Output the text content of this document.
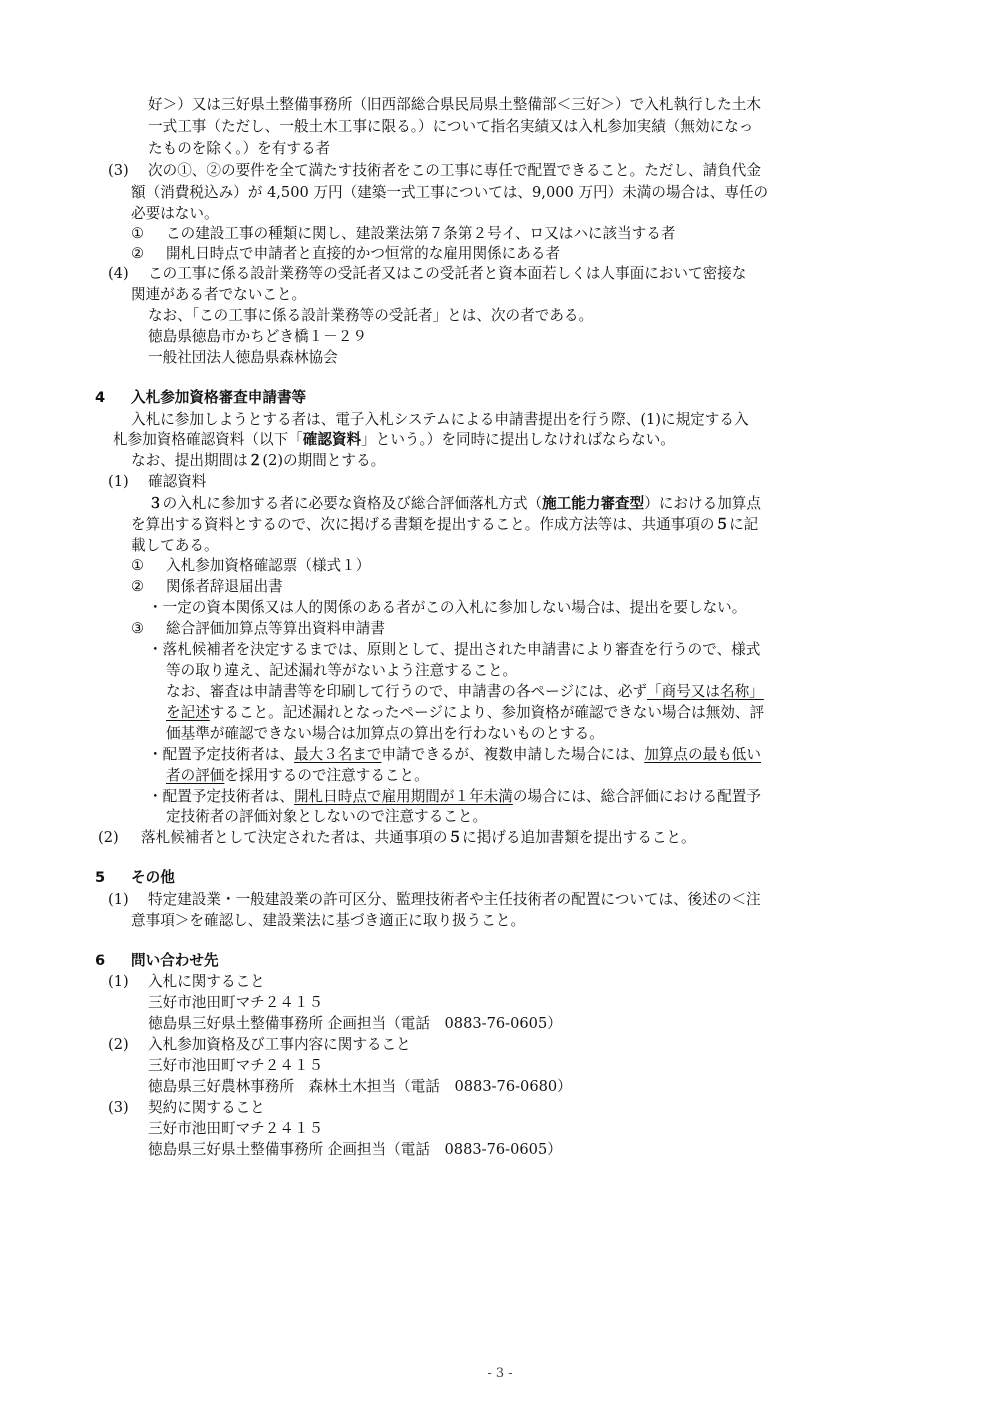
好＞）又は三好県土整備事務所（旧西部総合県民局県土整備部＜三好＞）で入札執行した土木
一式工事（ただし、一般土木工事に限る。）について指名実績又は入札参加実績（無効になっ
たものを除く。）を有する者
(3) 次の①、②の要件を全て満たす技術者をこの工事に専任で配置できること。ただし、請負代金
額（消費税込み）が 4,500 万円（建築一式工事については、9,000 万円）未満の場合は、専任の
必要はない。
① この建設工事の種類に関し、建設業法第７条第２号イ、ロ又はハに該当する者
② 開札日時点で申請者と直接的かつ恒常的な雇用関係にある者
(4) この工事に係る設計業務等の受託者又はこの受託者と資本面若しくは人事面において密接な
関連がある者でないこと。
なお、「この工事に係る設計業務等の受託者」とは、次の者である。
徳島県徳島市かちどき橋１－２９
一般社団法人徳島県森林協会
4 入札参加資格審査申請書等
入札に参加しようとする者は、電子入札システムによる申請書提出を行う際、(1)に規定する入
札参加資格確認資料（以下「確認資料」という。）を同時に提出しなければならない。
なお、提出期間は２(2)の期間とする。
(1) 確認資料
３の入札に参加する者に必要な資格及び総合評価落札方式（施工能力審査型）における加算点
を算出する資料とするので、次に掲げる書類を提出すること。作成方法等は、共通事項の５に記
載してある。
① 入札参加資格確認票（様式１）
② 関係者辞退届出書
・一定の資本関係又は人的関係のある者がこの入札に参加しない場合は、提出を要しない。
③ 総合評価加算点等算出資料申請書
・落札候補者を決定するまでは、原則として、提出された申請書により審査を行うので、様式
等の取り違え、記述漏れ等がないよう注意すること。
なお、審査は申請書等を印刷して行うので、申請書の各ページには、必ず「商号又は名称」
を記述すること。記述漏れとなったページにより、参加資格が確認できない場合は無効、評
価基準が確認できない場合は加算点の算出を行わないものとする。
・配置予定技術者は、最大３名まで申請できるが、複数申請した場合には、加算点の最も低い
者の評価を採用するので注意すること。
・配置予定技術者は、開札日時点で雇用期間が１年未満の場合には、総合評価における配置予
定技術者の評価対象としないので注意すること。
(2) 落札候補者として決定された者は、共通事項の５に掲げる追加書類を提出すること。
5 その他
(1) 特定建設業・一般建設業の許可区分、監理技術者や主任技術者の配置については、後述の＜注
意事項＞を確認し、建設業法に基づき適正に取り扱うこと。
6 問い合わせ先
(1) 入札に関すること
三好市池田町マチ２４１５
徳島県三好県土整備事務所 企画担当（電話　0883-76-0605）
(2) 入札参加資格及び工事内容に関すること
三好市池田町マチ２４１５
徳島県三好農林事務所　森林土木担当（電話　0883-76-0680）
(3) 契約に関すること
三好市池田町マチ２４１５
徳島県三好県土整備事務所 企画担当（電話　0883-76-0605）
- 3 -
